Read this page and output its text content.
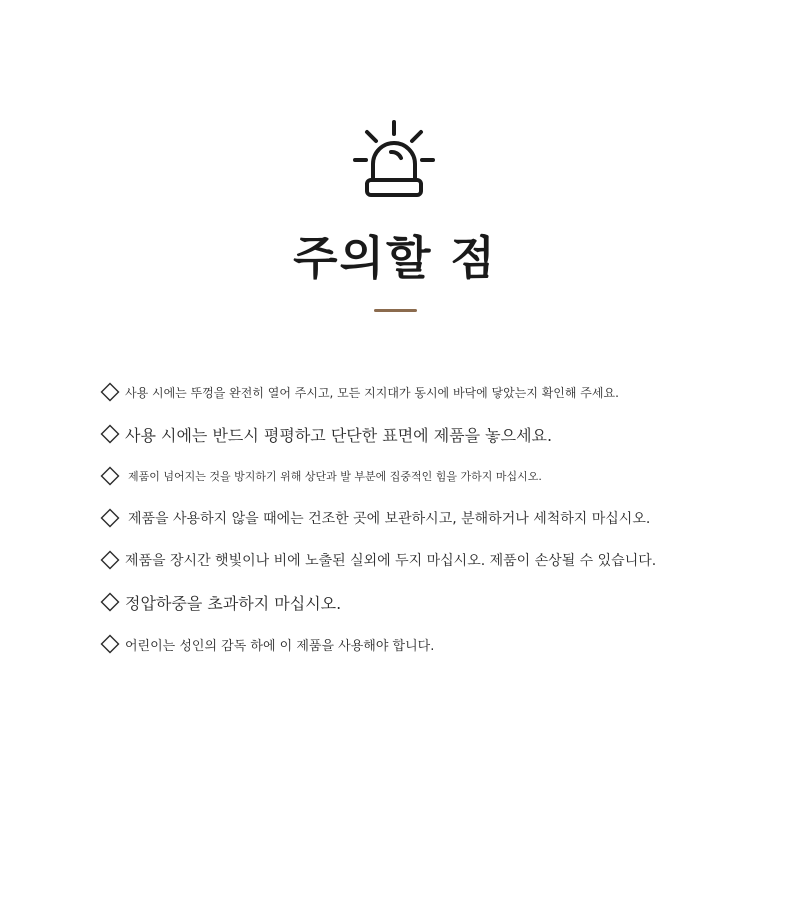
주의할 점
사용 시에는 뚜껑을 완전히 열어 주시고, 모든 지지대가 동시에 바닥에 닿았는지 확인해 주세요.
사용 시에는 반드시 평평하고 단단한 표면에 제품을 놓으세요.
제품이 넘어지는 것을 방지하기 위해 상단과 발 부분에 집중적인 힘을 가하지 마십시오.
제품을 사용하지 않을 때에는 건조한 곳에 보관하시고, 분해하거나 세척하지 마십시오.
제품을 장시간 햇빛이나 비에 노출된 실외에 두지 마십시오. 제품이 손상될 수 있습니다.
정압하중을 초과하지 마십시오.
어린이는 성인의 감독 하에 이 제품을 사용해야 합니다.
